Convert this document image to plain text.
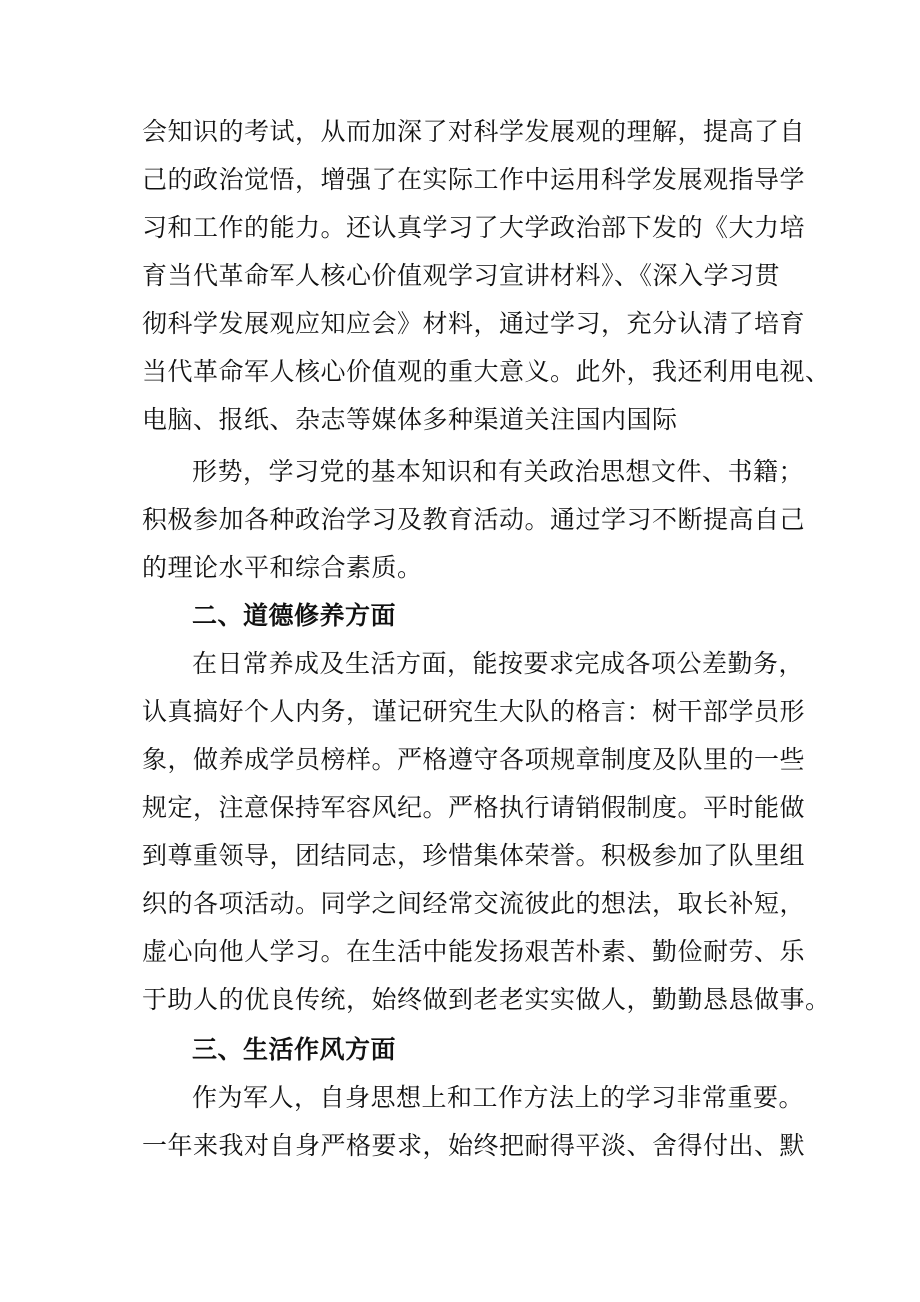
会知识的考试，从而加深了对科学发展观的理解，提高了自

己的政治觉悟，增强了在实际工作中运用科学发展观指导学

习和工作的能力。还认真学习了大学政治部下发的《大力培

育当代革命军人核心价值观学习宣讲材料》、《深入学习贯

彻科学发展观应知应会》材料，通过学习，充分认清了培育

当代革命军人核心价值观的重大意义。此外，我还利用电视、

电脑、报纸、杂志等媒体多种渠道关注国内国际

形势，学习党的基本知识和有关政治思想文件、书籍；

积极参加各种政治学习及教育活动。通过学习不断提高自己

的理论水平和综合素质。

二、道德修养方面

在日常养成及生活方面，能按要求完成各项公差勤务，

认真搞好个人内务，谨记研究生大队的格言：树干部学员形

象，做养成学员榜样。严格遵守各项规章制度及队里的一些

规定，注意保持军容风纪。严格执行请销假制度。平时能做

到尊重领导，团结同志，珍惜集体荣誉。积极参加了队里组

织的各项活动。同学之间经常交流彼此的想法，取长补短，

虚心向他人学习。在生活中能发扬艰苦朴素、勤俭耐劳、乐

于助人的优良传统，始终做到老老实实做人，勤勤恳恳做事。

三、生活作风方面

作为军人，自身思想上和工作方法上的学习非常重要。

一年来我对自身严格要求，始终把耐得平淡、舍得付出、默
